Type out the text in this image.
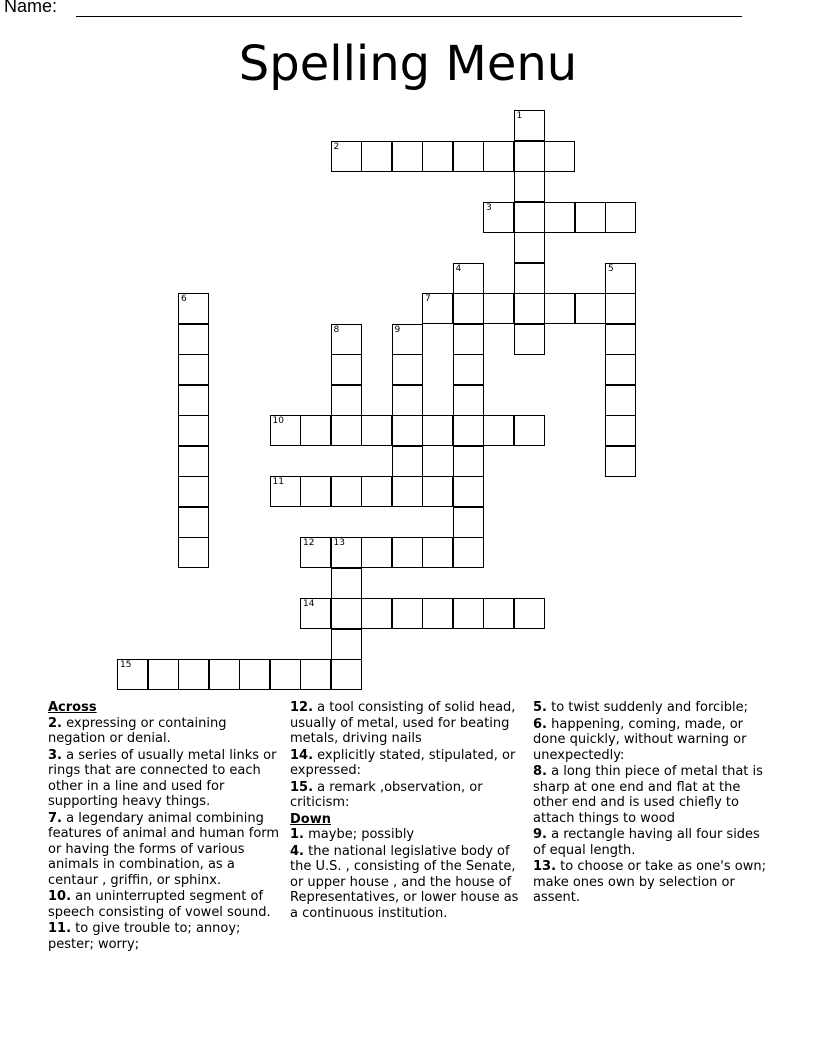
Name:
Spelling Menu
1
2
3
4	5
6	7
8	9
10
11
12 13
14
15
Across
2. expressing or containing negation or denial.
3. a series of usually metal links or rings that are connected to each other in a line and used for supporting heavy things.
7. a legendary animal combining features of animal and human form or having the forms of various animals in combination, as a centaur , griffin, or sphinx.
10. an uninterrupted segment of speech consisting of vowel sound.
11. to give trouble to; annoy; pester; worry;
12. a tool consisting of solid head, usually of metal, used for beating metals, driving nails
14. explicitly stated, stipulated, or expressed:
15. a remark ,observation, or criticism:
Down
1. maybe; possibly
4. the national legislative body of the U.S. , consisting of the Senate, or upper house , and the house of Representatives, or lower house as a continuous institution.
5. to twist suddenly and forcible;
6. happening, coming, made, or done quickly, without warning or unexpectedly:
8. a long thin piece of metal that is sharp at one end and flat at the other end and is used chiefly to attach things to wood
9. a rectangle having all four sides of equal length.
13. to choose or take as one's own; make ones own by selection or assent.
